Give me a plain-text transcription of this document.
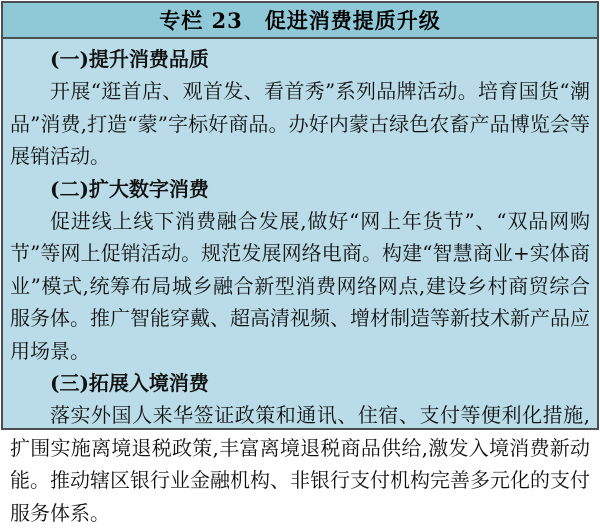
专栏 23　促进消费提质升级
(一)提升消费品质

开展“逛首店、观首发、看首秀”系列品牌活动。培育国货“潮品”消费,打造“蒙”字标好商品。办好内蒙古绿色农畜产品博览会等展销活动。

(二)扩大数字消费

促进线上线下消费融合发展,做好“网上年货节”、“双品网购节”等网上促销活动。规范发展网络电商。构建“智慧商业+实体商业”模式,统筹布局城乡融合新型消费网络网点,建设乡村商贸综合服务体。推广智能穿戴、超高清视频、增材制造等新技术新产品应用场景。

(三)拓展入境消费

落实外国人来华签证政策和通讯、住宿、支付等便利化措施,扩围实施离境退税政策,丰富离境退税商品供给,激发入境消费新动能。推动辖区银行业金融机构、非银行支付机构完善多元化的支付服务体系。
